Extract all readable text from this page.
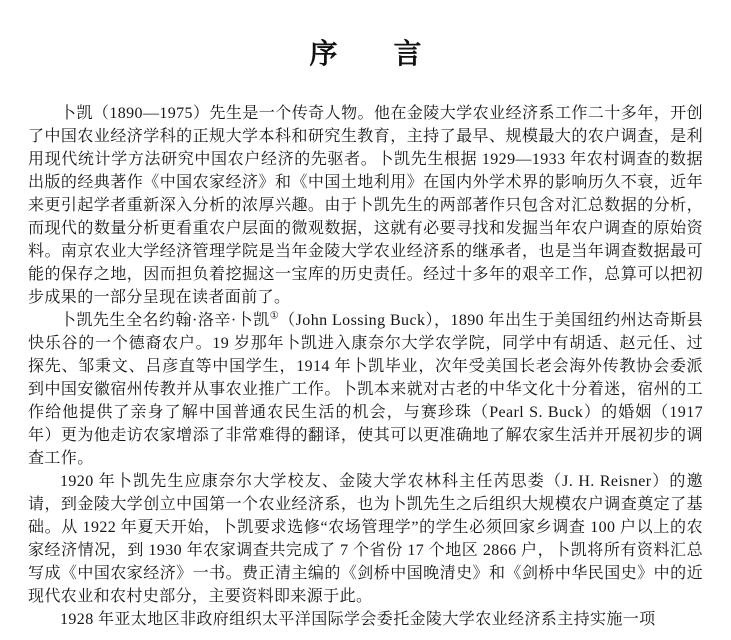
序　　言

卜凯（1890—1975）先生是一个传奇人物。他在金陵大学农业经济系工作二十多年，开创了中国农业经济学科的正规大学本科和研究生教育，主持了最早、规模最大的农户调查，是利用现代统计学方法研究中国农户经济的先驱者。卜凯先生根据 1929—1933 年农村调查的数据出版的经典著作《中国农家经济》和《中国土地利用》在国内外学术界的影响历久不衰，近年来更引起学者重新深入分析的浓厚兴趣。由于卜凯先生的两部著作只包含对汇总数据的分析，而现代的数量分析更看重农户层面的微观数据，这就有必要寻找和发掘当年农户调查的原始资料。南京农业大学经济管理学院是当年金陵大学农业经济系的继承者，也是当年调查数据最可能的保存之地，因而担负着挖掘这一宝库的历史责任。经过十多年的艰辛工作，总算可以把初步成果的一部分呈现在读者面前了。

卜凯先生全名约翰·洛辛·卜凯①（John Lossing Buck），1890 年出生于美国纽约州达奇斯县快乐谷的一个德裔农户。19 岁那年卜凯进入康奈尔大学农学院，同学中有胡适、赵元任、过探先、邹秉文、吕彦直等中国学生，1914 年卜凯毕业，次年受美国长老会海外传教协会委派到中国安徽宿州传教并从事农业推广工作。卜凯本来就对古老的中华文化十分着迷，宿州的工作给他提供了亲身了解中国普通农民生活的机会，与赛珍珠（Pearl S. Buck）的婚姻（1917 年）更为他走访农家增添了非常难得的翻译，使其可以更准确地了解农家生活并开展初步的调查工作。

1920 年卜凯先生应康奈尔大学校友、金陵大学农林科主任芮思娄（J. H. Reisner）的邀请，到金陵大学创立中国第一个农业经济系，也为卜凯先生之后组织大规模农户调查奠定了基础。从 1922 年夏天开始，卜凯要求选修“农场管理学”的学生必须回家乡调查 100 户以上的农家经济情况，到 1930 年农家调查共完成了 7 个省份 17 个地区 2866 户，卜凯将所有资料汇总写成《中国农家经济》一书。费正清主编的《剑桥中国晚清史》和《剑桥中华民国史》中的近现代农业和农村史部分，主要资料即来源于此。

1928 年亚太地区非政府组织太平洋国际学会委托金陵大学农业经济系主持实施一项
